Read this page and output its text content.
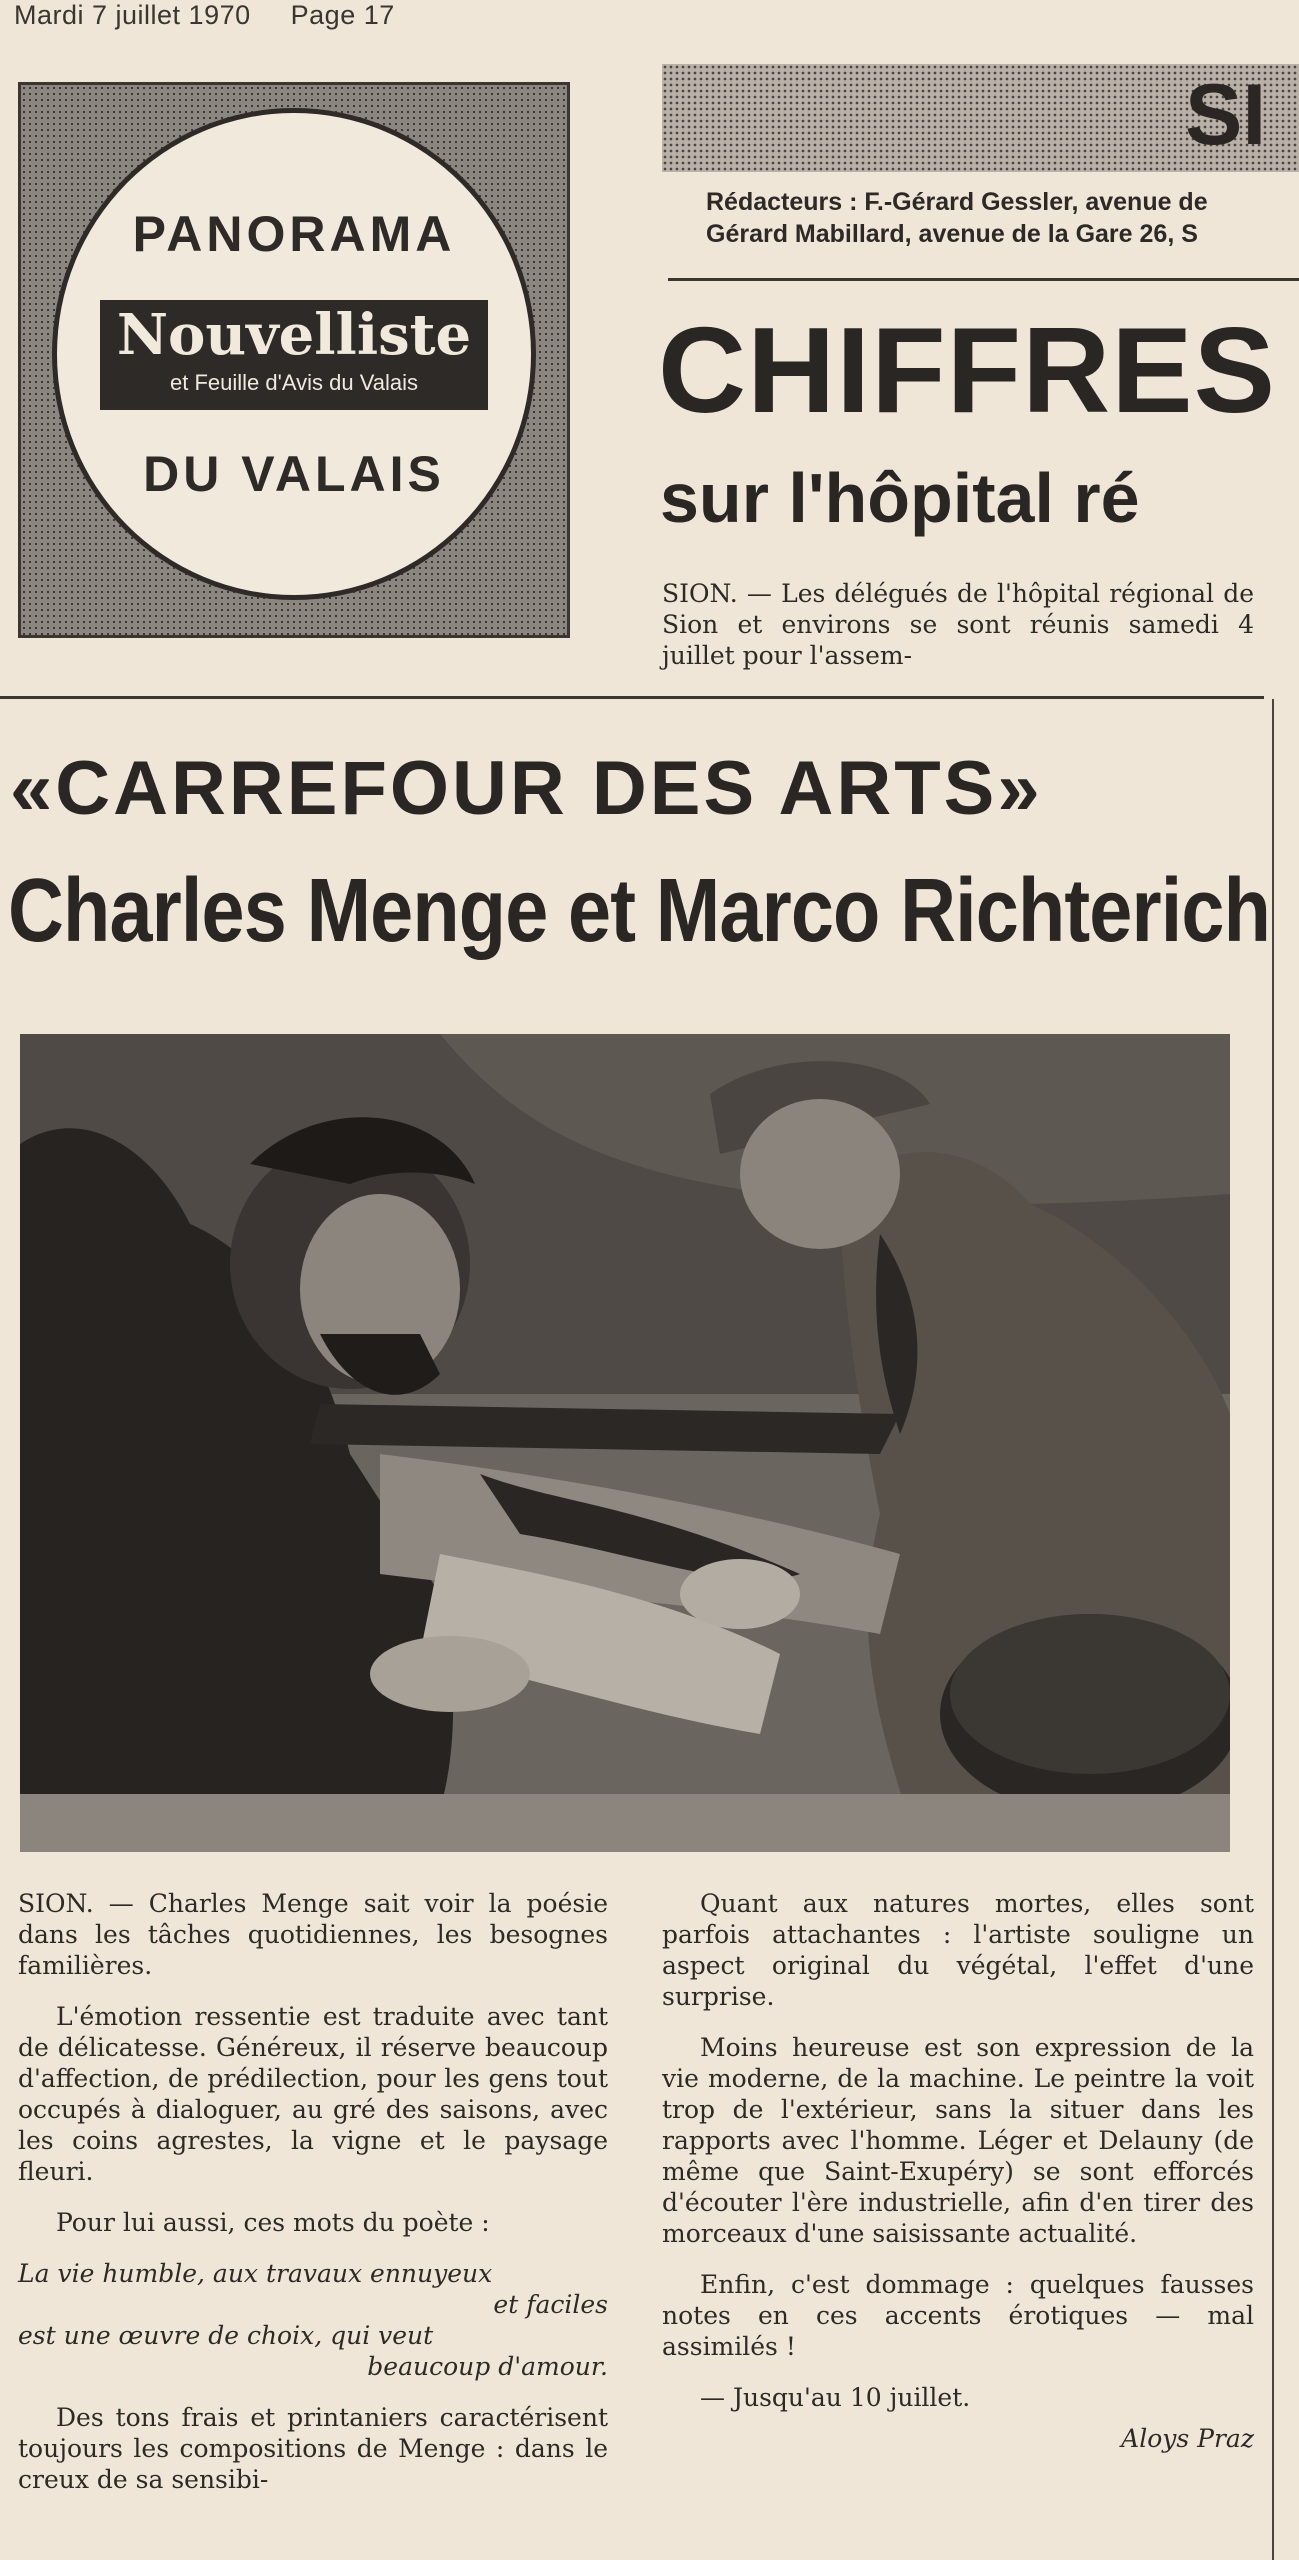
Mardi 7 juillet 1970 Page 17
PANORAMA
Nouvelliste
et Feuille d'Avis du Valais
DU VALAIS
SI
Rédacteurs : F.-Gérard Gessler, avenue de
Gérard Mabillard, avenue de la Gare 26, S
CHIFFRES
sur l'hôpital ré
SION. — Les délégués de l'hôpital régional de Sion et environs se sont réunis samedi 4 juillet pour l'assem-
«CARREFOUR DES ARTS»
Charles Menge et Marco Richterich

SION. — Charles Menge sait voir la poésie dans les tâches quotidiennes, les besognes familières.

L'émotion ressentie est traduite avec tant de délicatesse. Généreux, il réserve beaucoup d'affection, de prédilection, pour les gens tout occupés à dialoguer, au gré des saisons, avec les coins agrestes, la vigne et le paysage fleuri.

Pour lui aussi, ces mots du poète :

La vie humble, aux travaux ennuyeux
et faciles
est une œuvre de choix, qui veut
beaucoup d'amour.

Des tons frais et printaniers caractérisent toujours les compositions de Menge : dans le creux de sa sensibi-

Quant aux natures mortes, elles sont parfois attachantes : l'artiste souligne un aspect original du végétal, l'effet d'une surprise.

Moins heureuse est son expression de la vie moderne, de la machine. Le peintre la voit trop de l'extérieur, sans la situer dans les rapports avec l'homme. Léger et Delauny (de même que Saint-Exupéry) se sont efforcés d'écouter l'ère industrielle, afin d'en tirer des morceaux d'une saisissante actualité.

Enfin, c'est dommage : quelques fausses notes en ces accents érotiques — mal assimilés !

— Jusqu'au 10 juillet.

Aloys Praz
